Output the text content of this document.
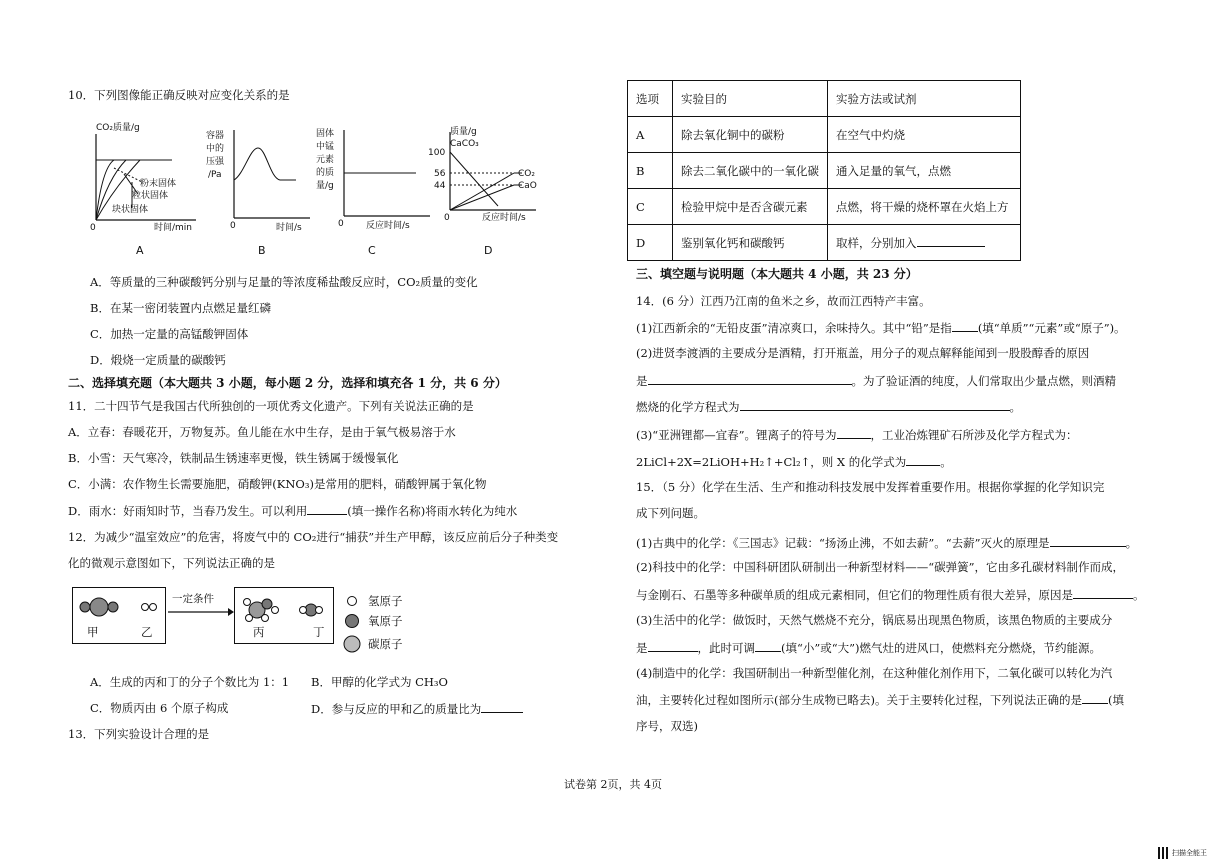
10．下列图像能正确反映对应变化关系的是
CO₂质量/g
粉末固体
粒状固体
块状固体
0	时间/min
A
容器
中的
压强
/Pa
0	时间/s
B
固体
中锰
元素
的质
量/g
0 反应时间/s
C
质量/g
CaCO₃
100
56
44
CO₂
CaO
0	反应时间/s
D
A．等质量的三种碳酸钙分别与足量的等浓度稀盐酸反应时，CO₂质量的变化
B．在某一密闭装置内点燃足量红磷
C．加热一定量的高锰酸钾固体
D．煅烧一定质量的碳酸钙
二、选择填充题（本大题共 3 小题，每小题 2 分，选择和填充各 1 分，共 6 分）
11．二十四节气是我国古代所独创的一项优秀文化遗产。下列有关说法正确的是
A．立春：春暖花开，万物复苏。鱼儿能在水中生存，是由于氧气极易溶于水
B．小雪：天气寒冷，铁制品生锈速率更慢，铁生锈属于缓慢氧化
C．小满：农作物生长需要施肥，硝酸钾(KNO₃)是常用的肥料，硝酸钾属于氧化物
D．雨水：好雨知时节，当春乃发生。可以利用	(填一操作名称)将雨水转化为纯水
12．为减少“温室效应”的危害，将废气中的 CO₂进行“捕获”并生产甲醇，该反应前后分子种类变
化的微观示意图如下，下列说法正确的是
甲	乙
一定条件
丙	丁
氢原子
氧原子
碳原子
A．生成的丙和丁的分子个数比为 1：1 B．甲醇的化学式为 CH₃O
C．物质丙由 6 个原子构成	D．参与反应的甲和乙的质量比为
13．下列实验设计合理的是
选项	实验目的	实验方法或试剂
A	除去氧化铜中的碳粉	在空气中灼烧
B	除去二氧化碳中的一氧化碳	通入足量的氧气，点燃
C	检验甲烷中是否含碳元素	点燃，将干燥的烧杯罩在火焰上方
D	鉴别氧化钙和碳酸钙	取样，分别加入
三、填空题与说明题（本大题共 4 小题，共 23 分）
14．(6 分）江西乃江南的鱼米之乡，故而江西特产丰富。
(1)江西新余的“无铅皮蛋”清凉爽口，余味持久。其中“铅”是指 (填“单质”“元素”或“原子”)。
(2)进贤李渡酒的主要成分是酒精，打开瓶盖，用分子的观点解释能闻到一股股醇香的原因
是	。为了验证酒的纯度，人们常取出少量点燃，则酒精
燃烧的化学方程式为	。
(3)“亚洲锂都—宜春”。锂离子的符号为	，工业冶炼锂矿石所涉及化学方程式为：
2LiCl+2X=2LiOH+H₂↑+Cl₂↑，则 X 的化学式为	。
15．（5 分）化学在生活、生产和推动科技发展中发挥着重要作用。根据你掌握的化学知识完
成下列问题。
(1)古典中的化学：《三国志》记载：“扬汤止沸，不如去薪”。“去薪”灭火的原理是	。
(2)科技中的化学：中国科研团队研制出一种新型材料——“碳弹簧”，它由多孔碳材料制作而成，
与金刚石、石墨等多种碳单质的组成元素相同，但它们的物理性质有很大差异，原因是	。
(3)生活中的化学：做饭时，天然气燃烧不充分，锅底易出现黑色物质，该黑色物质的主要成分
是	，此时可调 (填“小”或“大”)燃气灶的进风口，使燃料充分燃烧，节约能源。
(4)制造中的化学：我国研制出一种新型催化剂，在这种催化剂作用下，二氧化碳可以转化为汽
油，主要转化过程如图所示(部分生成物已略去)。关于主要转化过程，下列说法正确的是 (填
序号，双选)
试卷第 2页，共 4页
扫描全能王
